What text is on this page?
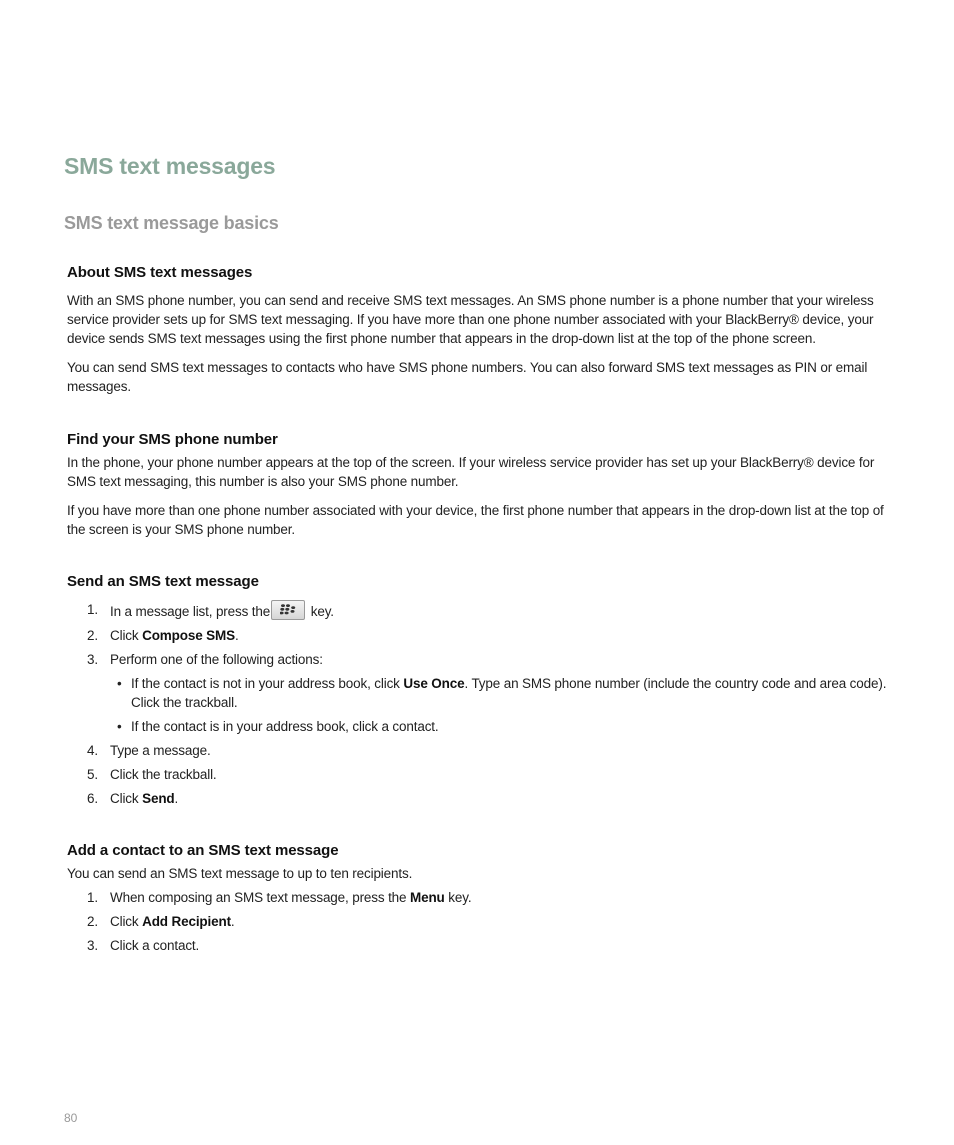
SMS text messages
SMS text message basics
About SMS text messages

With an SMS phone number, you can send and receive SMS text messages. An SMS phone number is a phone number that your wireless service provider sets up for SMS text messaging. If you have more than one phone number associated with your BlackBerry® device, your device sends SMS text messages using the first phone number that appears in the drop-down list at the top of the phone screen.

You can send SMS text messages to contacts who have SMS phone numbers. You can also forward SMS text messages as PIN or email messages.

Find your SMS phone number

In the phone, your phone number appears at the top of the screen. If your wireless service provider has set up your BlackBerry® device for SMS text messaging, this number is also your SMS phone number.

If you have more than one phone number associated with your device, the first phone number that appears in the drop-down list at the top of the screen is your SMS phone number.

Send an SMS text message
1. In a message list, press the	key.
2. Click Compose SMS.
3. Perform one of the following actions:
• If the contact is not in your address book, click Use Once. Type an SMS phone number (include the country code and area code). Click the trackball.
• If the contact is in your address book, click a contact.
4. Type a message.
5. Click the trackball.
6. Click Send.
Add a contact to an SMS text message

You can send an SMS text message to up to ten recipients.

1. When composing an SMS text message, press the Menu key.
2. Click Add Recipient.
3. Click a contact.
80
